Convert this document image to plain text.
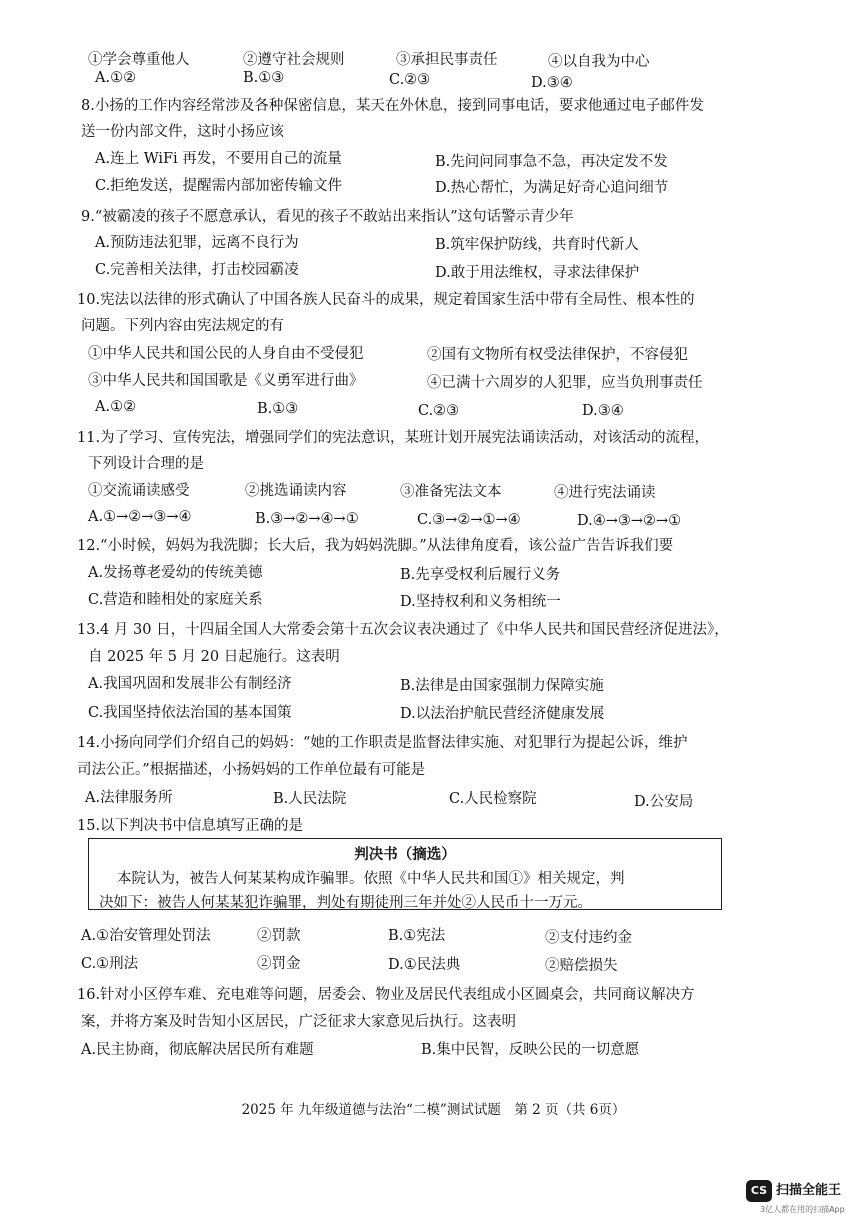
①学会尊重他人	②遵守社会规则	③承担民事责任	④以自我为中心
A.①②	B.①③	C.②③	D.③④
8.小扬的工作内容经常涉及各种保密信息，某天在外休息，接到同事电话，要求他通过电子邮件发
送一份内部文件，这时小扬应该
A.连上 WiFi 再发，不要用自己的流量	B.先问问同事急不急，再决定发不发
C.拒绝发送，提醒需内部加密传输文件	D.热心帮忙，为满足好奇心追问细节
9.“被霸凌的孩子不愿意承认，看见的孩子不敢站出来指认”这句话警示青少年
A.预防违法犯罪，远离不良行为	B.筑牢保护防线，共育时代新人
C.完善相关法律，打击校园霸凌	D.敢于用法维权，寻求法律保护
10.宪法以法律的形式确认了中国各族人民奋斗的成果，规定着国家生活中带有全局性、根本性的
问题。下列内容由宪法规定的有
①中华人民共和国公民的人身自由不受侵犯	②国有文物所有权受法律保护，不容侵犯
③中华人民共和国国歌是《义勇军进行曲》	④已满十六周岁的人犯罪，应当负刑事责任
A.①②	B.①③	C.②③	D.③④
11.为了学习、宣传宪法，增强同学们的宪法意识，某班计划开展宪法诵读活动，对该活动的流程，
下列设计合理的是
①交流诵读感受	②挑选诵读内容	③准备宪法文本	④进行宪法诵读
A.①→②→③→④	B.③→②→④→①	C.③→②→①→④	D.④→③→②→①
12.“小时候，妈妈为我洗脚；长大后，我为妈妈洗脚。”从法律角度看，该公益广告告诉我们要
A.发扬尊老爱幼的传统美德	B.先享受权利后履行义务
C.营造和睦相处的家庭关系	D.坚持权利和义务相统一
13.4 月 30 日，十四届全国人大常委会第十五次会议表决通过了《中华人民共和国民营经济促进法》，
自 2025 年 5 月 20 日起施行。这表明
A.我国巩固和发展非公有制经济	B.法律是由国家强制力保障实施
C.我国坚持依法治国的基本国策	D.以法治护航民营经济健康发展
14.小扬向同学们介绍自己的妈妈：“她的工作职责是监督法律实施、对犯罪行为提起公诉，维护
司法公正。”根据描述，小扬妈妈的工作单位最有可能是
A.法律服务所	B.人民法院	C.人民检察院	D.公安局
15.以下判决书中信息填写正确的是
判决书（摘选）
本院认为，被告人何某某构成诈骗罪。依照《中华人民共和国①》相关规定，判
决如下：被告人何某某犯诈骗罪，判处有期徒刑三年并处②人民币十一万元。
A.①治安管理处罚法	②罚款	B.①宪法	②支付违约金
C.①刑法	②罚金	D.①民法典	②赔偿损失
16.针对小区停车难、充电难等问题，居委会、物业及居民代表组成小区圆桌会，共同商议解决方
案，并将方案及时告知小区居民，广泛征求大家意见后执行。这表明
A.民主协商，彻底解决居民所有难题	B.集中民智，反映公民的一切意愿
2025 年 九年级道德与法治“二模”测试试题　第 2 页（共 6页）
CS 扫描全能王
3亿人都在用的扫描App
